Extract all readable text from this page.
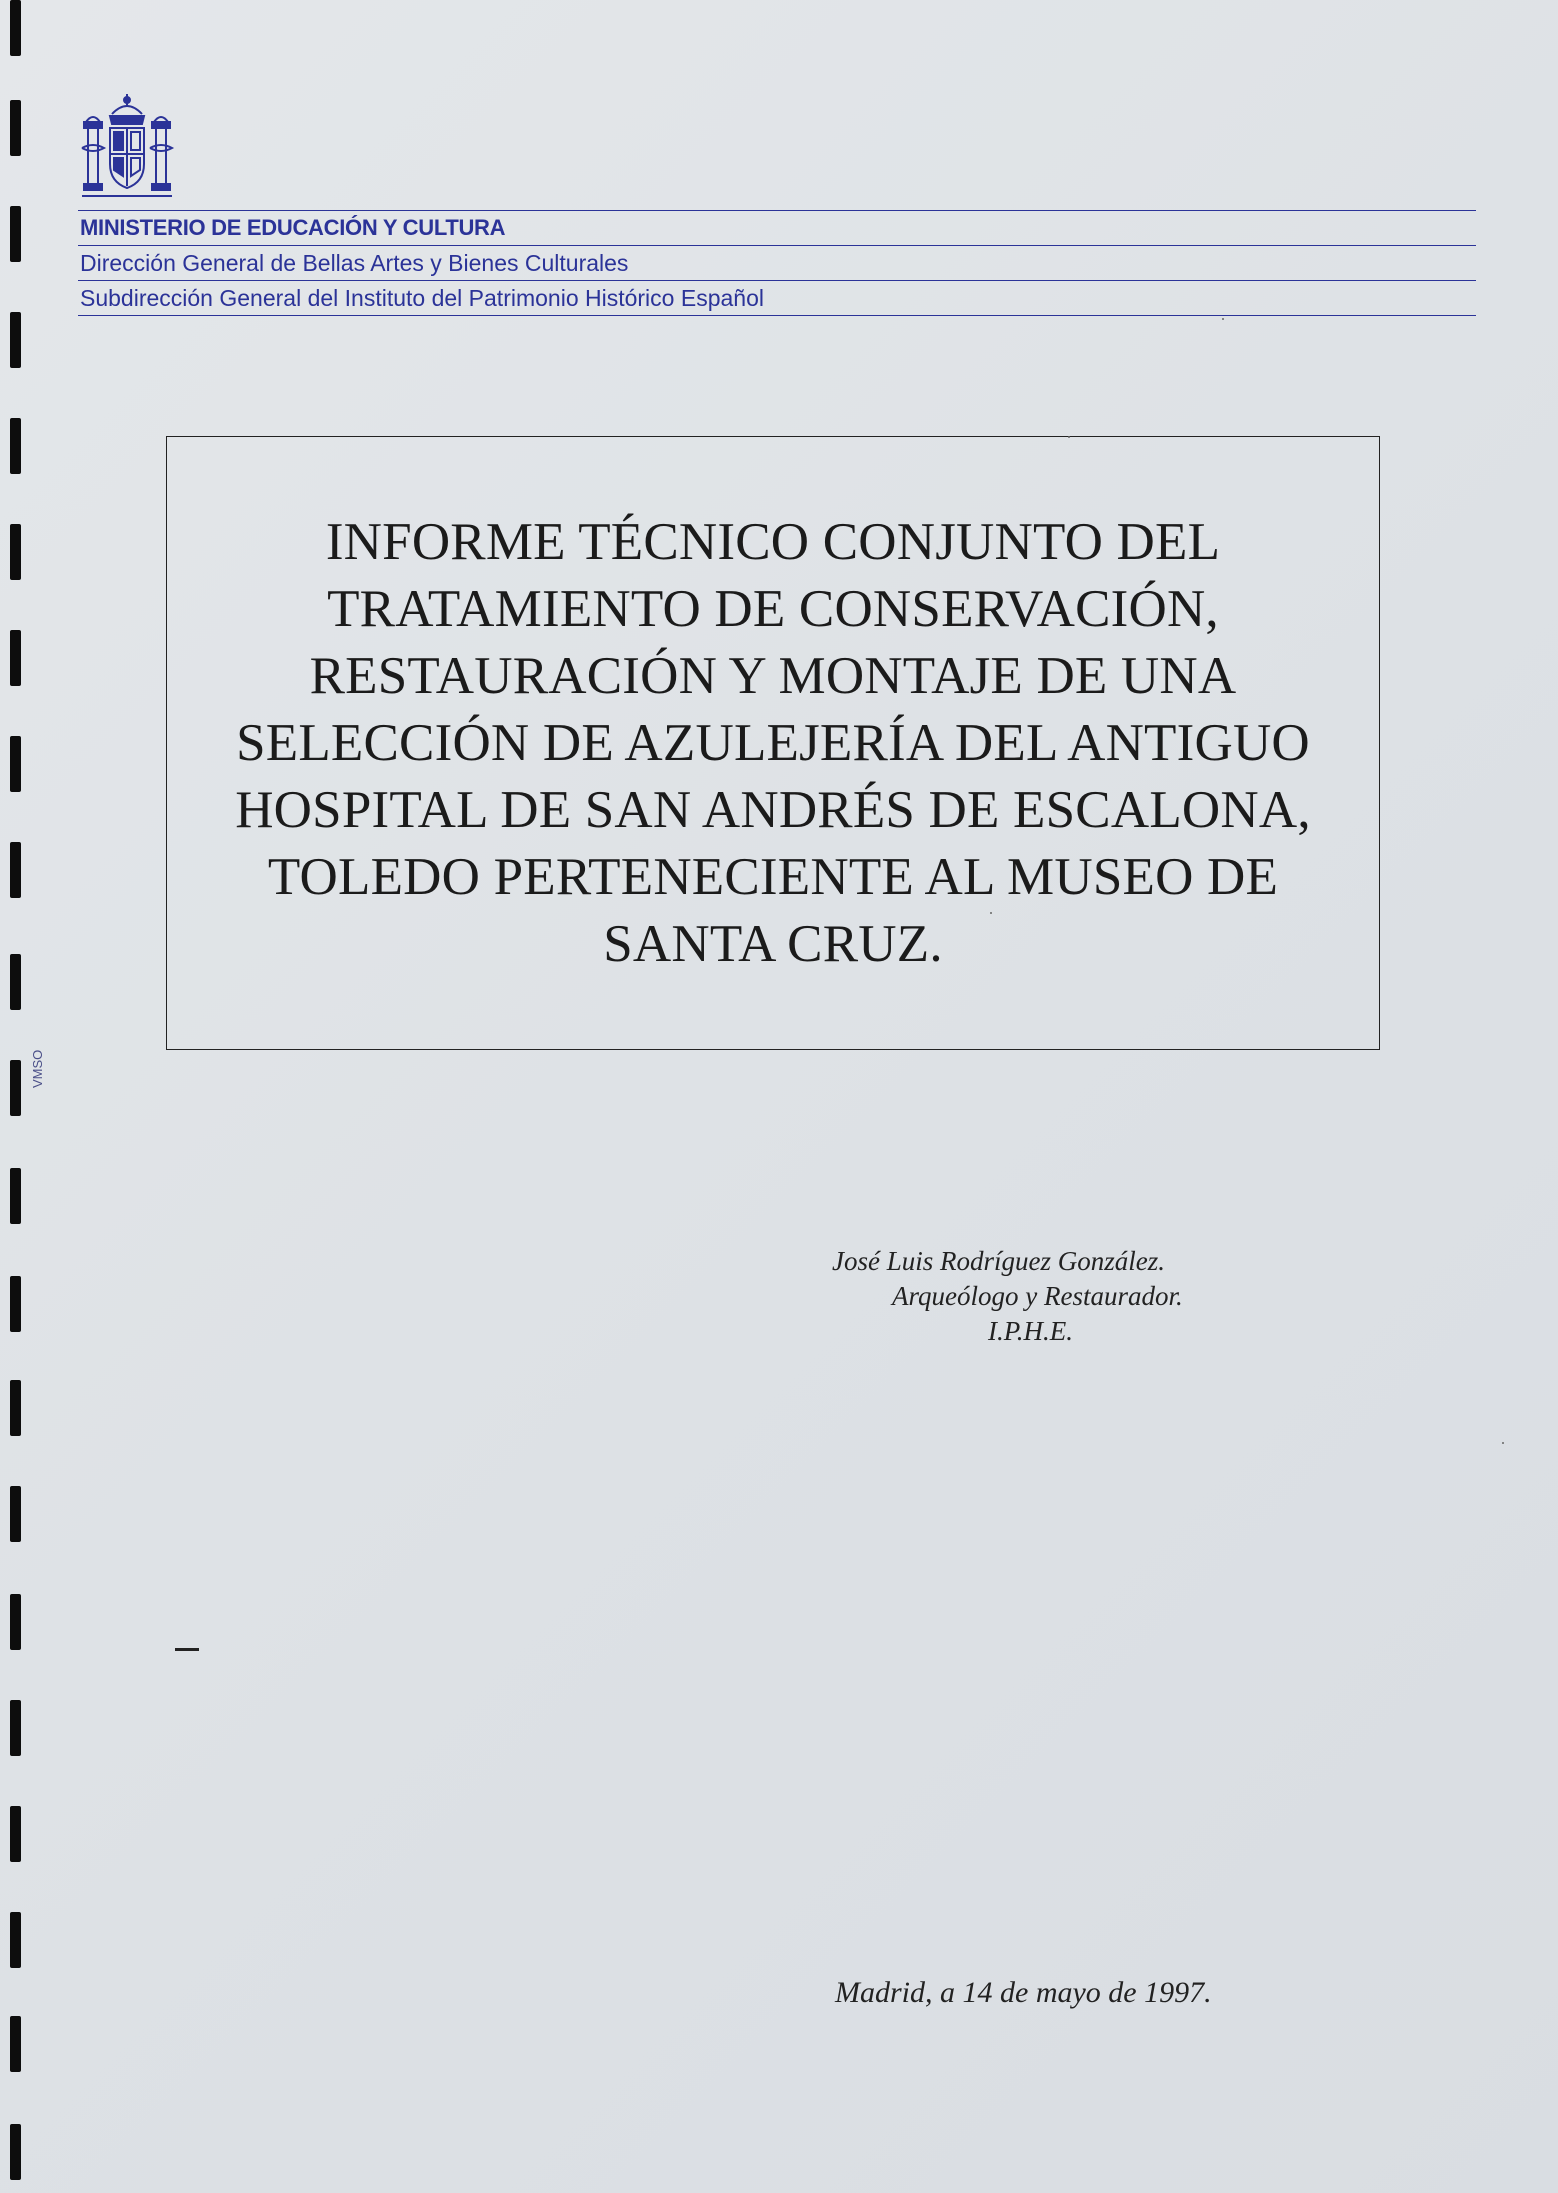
VMSO
MINISTERIO DE EDUCACIÓN Y CULTURA
Dirección General de Bellas Artes y Bienes Culturales
Subdirección General del Instituto del Patrimonio Histórico Español
INFORME TÉCNICO CONJUNTO DEL
TRATAMIENTO DE CONSERVACIÓN,
RESTAURACIÓN Y MONTAJE DE UNA
SELECCIÓN DE AZULEJERÍA DEL ANTIGUO
HOSPITAL DE SAN ANDRÉS DE ESCALONA,
TOLEDO PERTENECIENTE AL MUSEO DE
SANTA CRUZ.
José Luis Rodríguez González.
Arqueólogo y Restaurador.
I.P.H.E.
Madrid, a 14 de mayo de 1997.
